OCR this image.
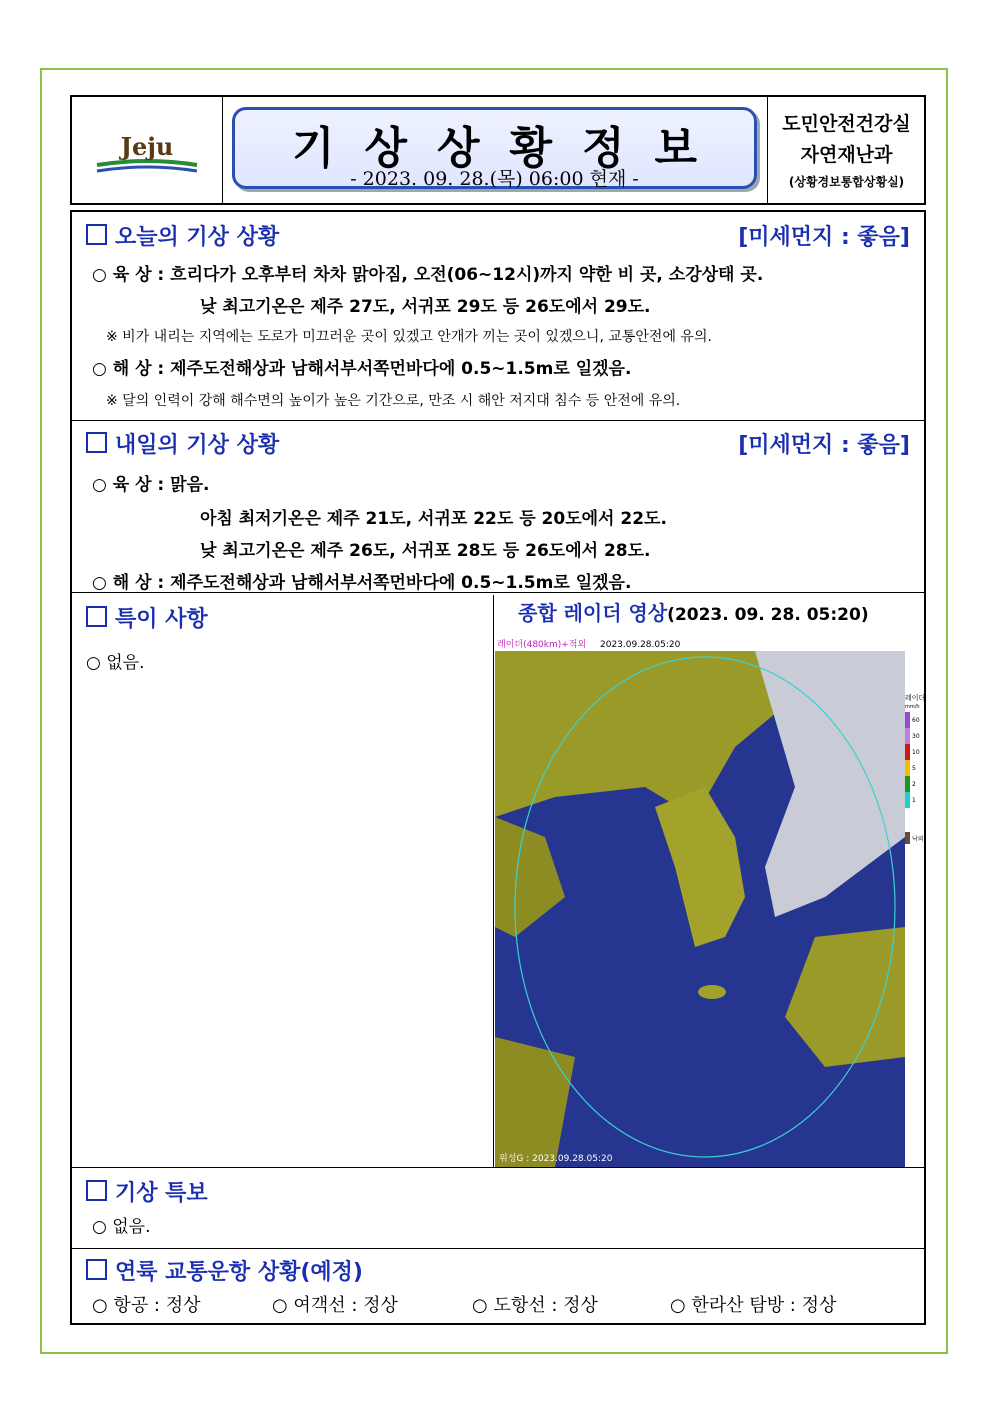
Jeju	기상상황정보
- 2023. 09. 28.(목) 06:00 현재 -
도민안전건강실
자연재난과
(상황경보통합상황실)
오늘의 기상 상황	[미세먼지 : 좋음]
○ 육 상 : 흐리다가 오후부터 차차 맑아짐, 오전(06~12시)까지 약한 비 곳, 소강상태 곳.
낮 최고기온은 제주 27도, 서귀포 29도 등 26도에서 29도.
※ 비가 내리는 지역에는 도로가 미끄러운 곳이 있겠고 안개가 끼는 곳이 있겠으니, 교통안전에 유의.
○ 해 상 : 제주도전해상과 남해서부서쪽먼바다에 0.5~1.5m로 일겠음.
※ 달의 인력이 강해 해수면의 높이가 높은 기간으로, 만조 시 해안 저지대 침수 등 안전에 유의.
내일의 기상 상황	[미세먼지 : 좋음]
○ 육 상 : 맑음.
아침 최저기온은 제주 21도, 서귀포 22도 등 20도에서 22도.
낮 최고기온은 제주 26도, 서귀포 28도 등 26도에서 28도.
○ 해 상 : 제주도전해상과 남해서부서쪽먼바다에 0.5~1.5m로 일겠음.
특이 사항
○ 없음.
종합 레이더 영상(2023. 09. 28. 05:20)
레이더(480km)+적외 2023.09.28.05:20
위성G : 2023.09.28.05:20
레이더
mm/h
60
30
10
5
2
1
낙뢰
기상 특보
○ 없음.
연륙 교통운항 상황(예정)
○ 항공 : 정상	○ 여객선 : 정상	○ 도항선 : 정상	○ 한라산 탐방 : 정상
